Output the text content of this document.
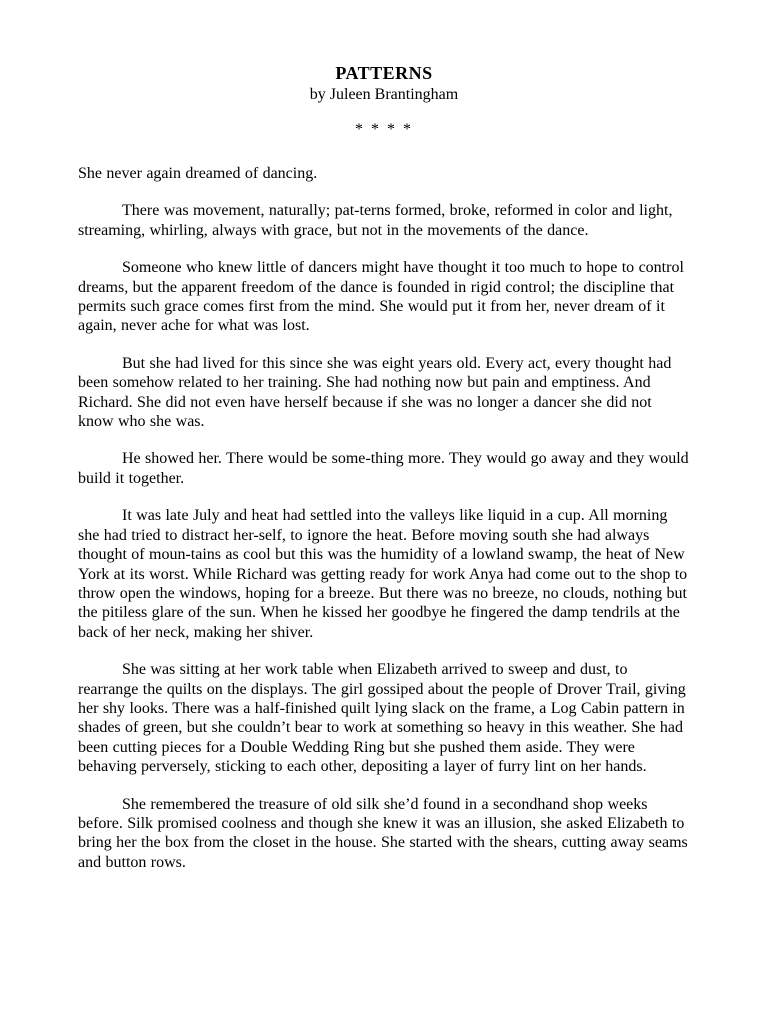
PATTERNS
by Juleen Brantingham
* * * *

She never again dreamed of dancing.

There was movement, naturally; pat-terns formed, broke, reformed in color and light, streaming, whirling, always with grace, but not in the movements of the dance.

Someone who knew little of dancers might have thought it too much to hope to control dreams, but the apparent freedom of the dance is founded in rigid control; the discipline that permits such grace comes first from the mind. She would put it from her, never dream of it again, never ache for what was lost.

But she had lived for this since she was eight years old. Every act, every thought had been somehow related to her training. She had nothing now but pain and emptiness. And Richard. She did not even have herself because if she was no longer a dancer she did not know who she was.

He showed her. There would be some-thing more. They would go away and they would build it together.

It was late July and heat had settled into the valleys like liquid in a cup. All morning she had tried to distract her-self, to ignore the heat. Before moving south she had always thought of moun-tains as cool but this was the humidity of a lowland swamp, the heat of New York at its worst. While Richard was getting ready for work Anya had come out to the shop to throw open the windows, hoping for a breeze. But there was no breeze, no clouds, nothing but the pitiless glare of the sun. When he kissed her goodbye he fingered the damp tendrils at the back of her neck, making her shiver.

She was sitting at her work table when Elizabeth arrived to sweep and dust, to rearrange the quilts on the displays. The girl gossiped about the people of Drover Trail, giving her shy looks. There was a half-finished quilt lying slack on the frame, a Log Cabin pattern in shades of green, but she couldn’t bear to work at something so heavy in this weather. She had been cutting pieces for a Double Wedding Ring but she pushed them aside. They were behaving perversely, sticking to each other, depositing a layer of furry lint on her hands.

She remembered the treasure of old silk she’d found in a secondhand shop weeks before. Silk promised coolness and though she knew it was an illusion, she asked Elizabeth to bring her the box from the closet in the house. She started with the shears, cutting away seams and button rows.
